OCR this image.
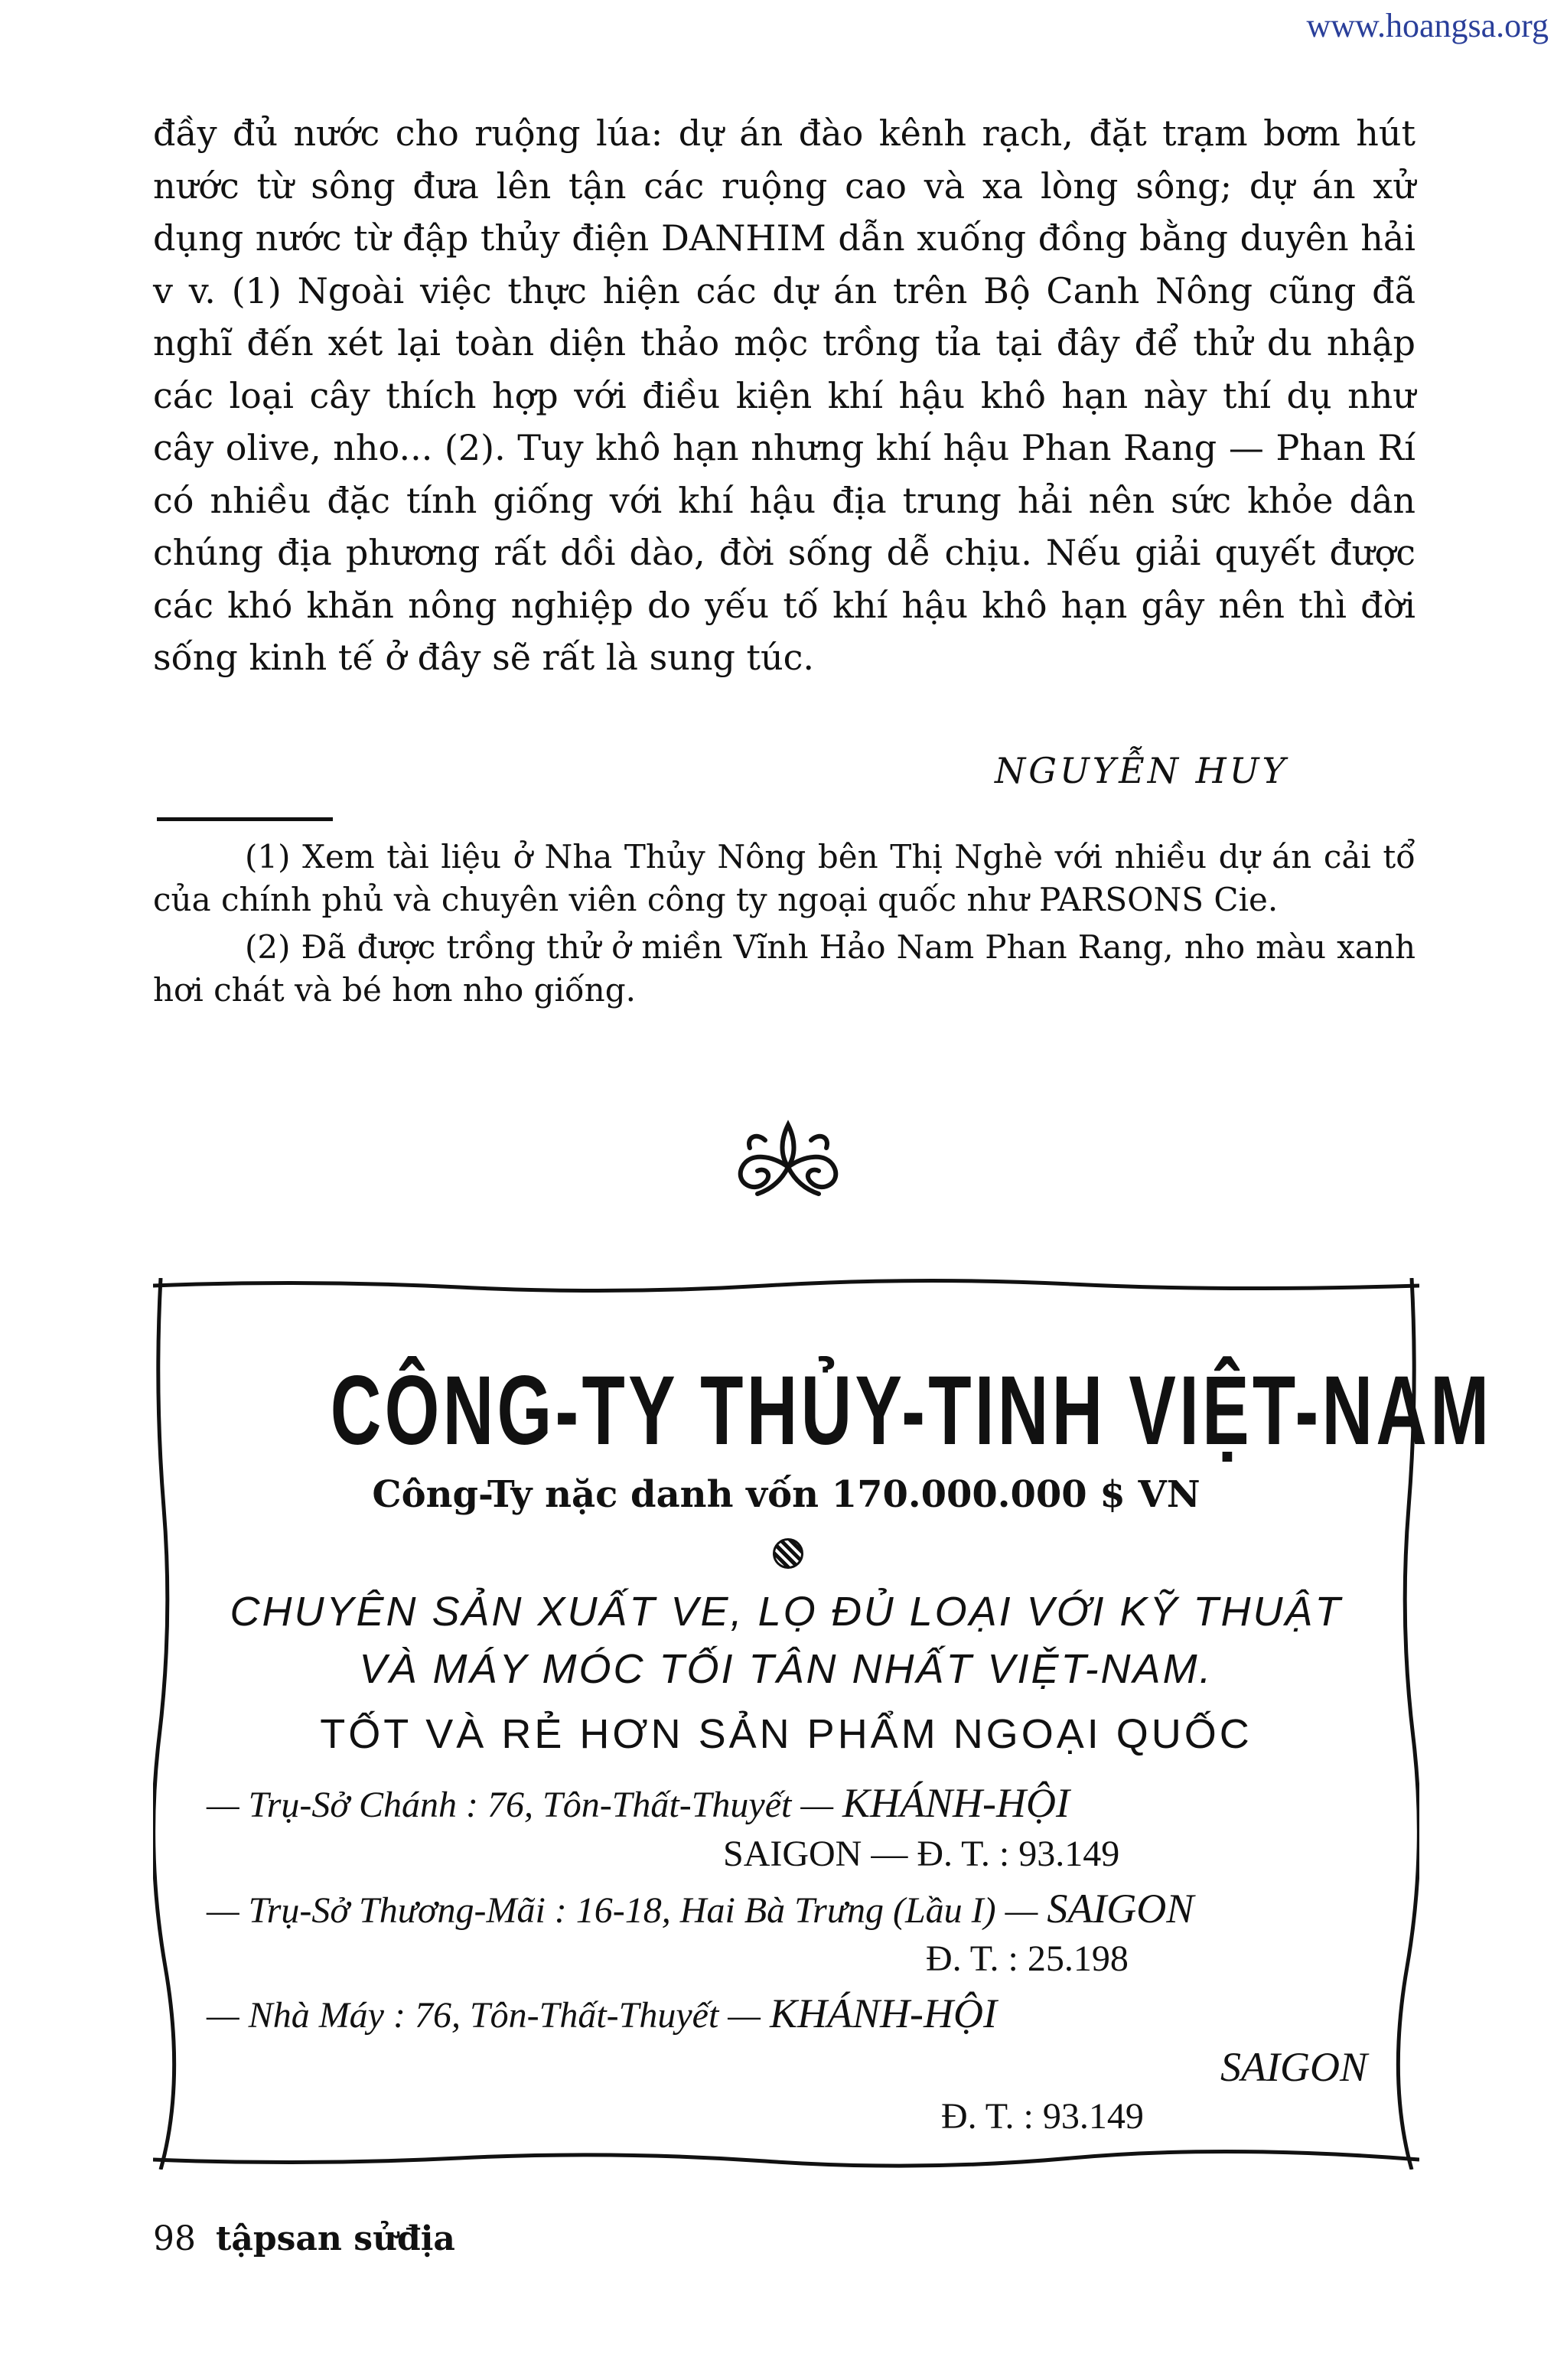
www.hoangsa.org

đầy đủ nước cho ruộng lúa: dự án đào kênh rạch, đặt trạm bơm hút nước từ sông đưa lên tận các ruộng cao và xa lòng sông; dự án xử dụng nước từ đập thủy điện DANHIM dẫn xuống đồng bằng duyên hải v v. (1) Ngoài việc thực hiện các dự án trên Bộ Canh Nông cũng đã nghĩ đến xét lại toàn diện thảo mộc trồng tỉa tại đây để thử du nhập các loại cây thích hợp với điều kiện khí hậu khô hạn này thí dụ như cây olive, nho... (2). Tuy khô hạn nhưng khí hậu Phan Rang — Phan Rí có nhiều đặc tính giống với khí hậu địa trung hải nên sức khỏe dân chúng địa phương rất dồi dào, đời sống dễ chịu. Nếu giải quyết được các khó khăn nông nghiệp do yếu tố khí hậu khô hạn gây nên thì đời sống kinh tế ở đây sẽ rất là sung túc.

NGUYỄN HUY

(1) Xem tài liệu ở Nha Thủy Nông bên Thị Nghè với nhiều dự án cải tổ của chính phủ và chuyên viên công ty ngoại quốc như PARSONS Cie.

(2) Đã được trồng thử ở miền Vĩnh Hảo Nam Phan Rang, nho màu xanh hơi chát và bé hơn nho giống.

CÔNG-TY THỦY-TINH VIỆT-NAM
Công-Ty nặc danh vốn 170.000.000 $ VN
CHUYÊN SẢN XUẤT VE, LỌ ĐỦ LOẠI VỚI KỸ THUẬT
VÀ MÁY MÓC TỐI TÂN NHẤT VIỆT-NAM.
TỐT VÀ RẺ HƠN SẢN PHẨM NGOẠI QUỐC
— Trụ-Sở Chánh : 76, Tôn-Thất-Thuyết — KHÁNH-HỘI
SAIGON — Đ. T. : 93.149
— Trụ-Sở Thương-Mãi : 16-18, Hai Bà Trưng (Lầu I) — SAIGON
Đ. T. : 25.198
— Nhà Máy : 76, Tôn-Thất-Thuyết — KHÁNH-HỘI
SAIGON
Đ. T. : 93.149
98 tậpsan sửđịa
